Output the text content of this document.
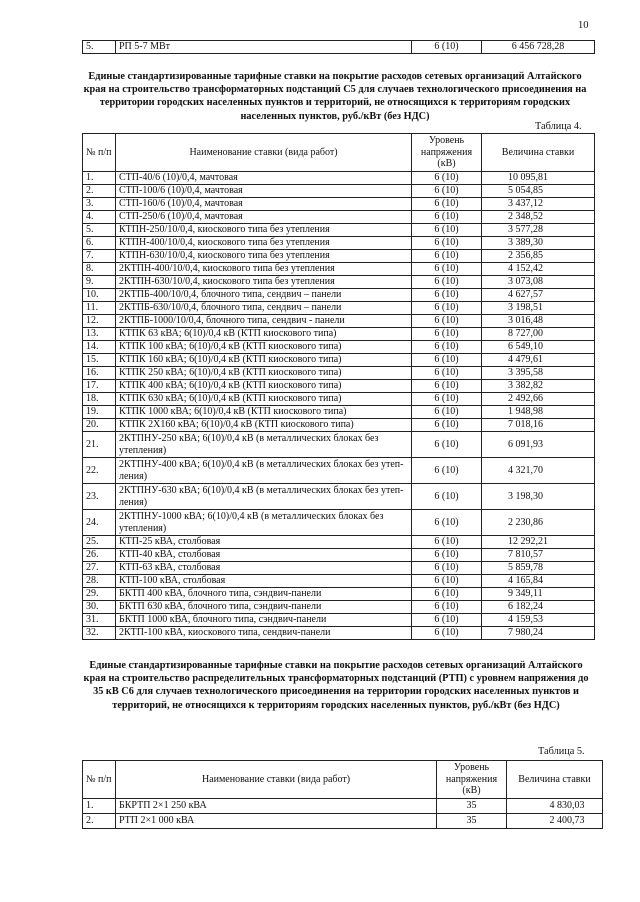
10
5.	РП 5-7 МВт	6 (10)	6 456 728,28
Единые стандартизированные тарифные ставки на покрытие расходов сетевых организаций Алтайского края на строительство трансформаторных подстанций С5 для случаев технологического присоединения на территории городских населенных пунктов и территорий, не относящихся к территориям городских населенных пунктов, руб./кВт (без НДС)
Таблица 4.
№ п/п	Наименование ставки (вида работ)	Уровень напряжения (кВ)	Величина ставки
1.	СТП-40/6 (10)/0,4, мачтовая	6 (10)	10 095,81
2.	СТП-100/6 (10)/0,4, мачтовая	6 (10)	5 054,85
3.	СТП-160/6 (10)/0,4, мачтовая	6 (10)	3 437,12
4.	СТП-250/6 (10)/0,4, мачтовая	6 (10)	2 348,52
5.	КТПН-250/10/0,4, киоскового типа без утепления	6 (10)	3 577,28
6.	КТПН-400/10/0,4, киоскового типа без утепления	6 (10)	3 389,30
7.	КТПН-630/10/0,4, киоскового типа без утепления	6 (10)	2 356,85
8.	2КТПН-400/10/0,4, киоскового типа без утепления	6 (10)	4 152,42
9.	2КТПН-630/10/0,4, киоскового типа без утепления	6 (10)	3 073,08
10.	2КТПБ-400/10/0,4, блочного типа, сендвич – панели	6 (10)	4 627,57
11.	2КТПБ-630/10/0,4, блочного типа, сендвич – панели	6 (10)	3 198,51
12.	2КТПБ-1000/10/0,4, блочного типа, сендвич - панели	6 (10)	3 016,48
13.	КТПК 63 кВА; 6(10)/0,4 кВ (КТП киоскового типа)	6 (10)	8 727,00
14.	КТПК 100 кВА; 6(10)/0,4 кВ (КТП киоскового типа)	6 (10)	6 549,10
15.	КТПК 160 кВА; 6(10)/0,4 кВ (КТП киоскового типа)	6 (10)	4 479,61
16.	КТПК 250 кВА; 6(10)/0,4 кВ (КТП киоскового типа)	6 (10)	3 395,58
17.	КТПК 400 кВА; 6(10)/0,4 кВ (КТП киоскового типа)	6 (10)	3 382,82
18.	КТПК 630 кВА; 6(10)/0,4 кВ (КТП киоскового типа)	6 (10)	2 492,66
19.	КТПК 1000 кВА; 6(10)/0,4 кВ (КТП киоскового типа)	6 (10)	1 948,98
20.	КТПК 2Х160 кВА; 6(10)/0,4 кВ (КТП киоскового типа)	6 (10)	7 018,16
21.	2КТПНУ-250 кВА; 6(10)/0,4 кВ (в металлических блоках без утепления)	6 (10)	6 091,93
22.	2КТПНУ-400 кВА; 6(10)/0,4 кВ (в металлических блоках без утеп-ления)	6 (10)	4 321,70
23.	2КТПНУ-630 кВА; 6(10)/0,4 кВ (в металлических блоках без утеп-ления)	6 (10)	3 198,30
24.	2КТПНУ-1000 кВА; 6(10)/0,4 кВ (в металлических блоках без утепления)	6 (10)	2 230,86
25.	КТП-25 кВА, столбовая	6 (10)	12 292,21
26.	КТП-40 кВА, столбовая	6 (10)	7 810,57
27.	КТП-63 кВА, столбовая	6 (10)	5 859,78
28.	КТП-100 кВА, столбовая	6 (10)	4 165,84
29.	БКТП 400 кВА, блочного типа, сэндвич-панели	6 (10)	9 349,11
30.	БКТП 630 кВА, блочного типа, сэндвич-панели	6 (10)	6 182,24
31.	БКТП 1000 кВА, блочного типа, сэндвич-панели	6 (10)	4 159,53
32.	2КТП-100 кВА, киоскового типа, сендвич-панели	6 (10)	7 980,24
Единые стандартизированные тарифные ставки на покрытие расходов сетевых организаций Алтайского края на строительство распределительных трансформаторных подстанций (РТП) с уровнем напряжения до 35 кВ С6 для случаев технологического присоединения на территории городских населенных пунктов и территорий, не относящихся к территориям городских населенных пунктов, руб./кВт (без НДС)
Таблица 5.
№ п/п	Наименование ставки (вида работ)	Уровень напряжения (кВ)	Величина ставки
1.	БКРТП 2×1 250 кВА	35	4 830,03
2.	РТП 2×1 000 кВА	35	2 400,73
